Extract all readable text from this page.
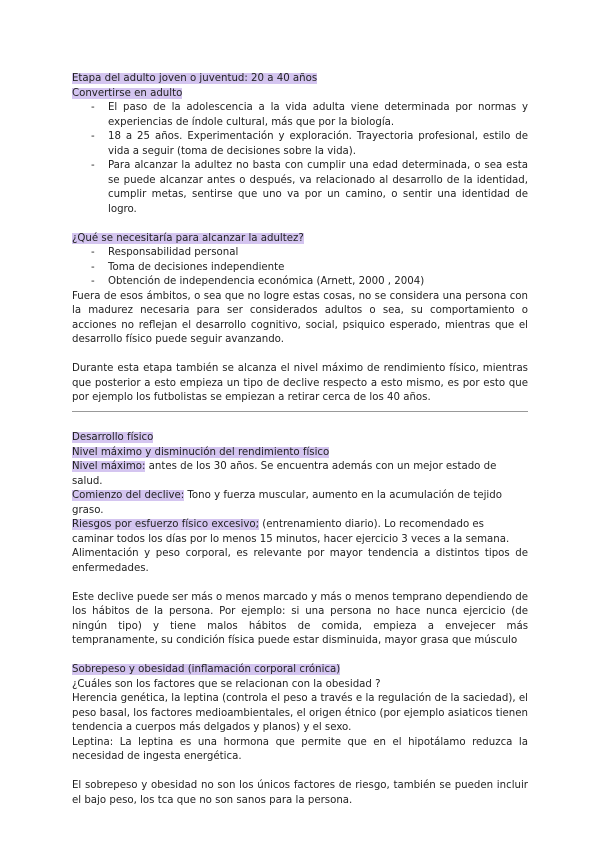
Etapa del adulto joven o juventud: 20 a 40 años
Convertirse en adulto
- El paso de la adolescencia a la vida adulta viene determinada por normas y experiencias de índole cultural, más que por la biología.
- 18 a 25 años. Experimentación y exploración. Trayectoria profesional, estilo de vida a seguir (toma de decisiones sobre la vida).
- Para alcanzar la adultez no basta con cumplir una edad determinada, o sea esta se puede alcanzar antes o después, va relacionado al desarrollo de la identidad, cumplir metas, sentirse que uno va por un camino, o sentir una identidad de logro.
¿Qué se necesitaría para alcanzar la adultez?
- Responsabilidad personal
- Toma de decisiones independiente
- Obtención de independencia económica (Arnett, 2000 , 2004)

Fuera de esos ámbitos, o sea que no logre estas cosas, no se considera una persona con la madurez necesaria para ser considerados adultos o sea, su comportamiento o acciones no reflejan el desarrollo cognitivo, social, psiquico esperado, mientras que el desarrollo físico puede seguir avanzando.

Durante esta etapa también se alcanza el nivel máximo de rendimiento físico, mientras que posterior a esto empieza un tipo de declive respecto a esto mismo, es por esto que por ejemplo los futbolistas se empiezan a retirar cerca de los 40 años.

Desarrollo físico
Nivel máximo y disminución del rendimiento físico

Nivel máximo: antes de los 30 años. Se encuentra además con un mejor estado de salud.

Comienzo del declive: Tono y fuerza muscular, aumento en la acumulación de tejido graso.

Riesgos por esfuerzo físico excesivo; (entrenamiento diario). Lo recomendado es caminar todos los días por lo menos 15 minutos, hacer ejercicio 3 veces a la semana.

Alimentación y peso corporal, es relevante por mayor tendencia a distintos tipos de enfermedades.

Este declive puede ser más o menos marcado y más o menos temprano dependiendo de los hábitos de la persona. Por ejemplo: si una persona no hace nunca ejercicio (de ningún tipo) y tiene malos hábitos de comida, empieza a envejecer más tempranamente, su condición física puede estar disminuida, mayor grasa que músculo

Sobrepeso y obesidad (inflamación corporal crónica)

¿Cuáles son los factores que se relacionan con la obesidad ?

Herencia genética, la leptina (controla el peso a través e la regulación de la saciedad), el peso basal, los factores medioambientales, el origen étnico (por ejemplo asiaticos tienen tendencia a cuerpos más delgados y planos) y el sexo.

Leptina: La leptina es una hormona que permite que en el hipotálamo reduzca la necesidad de ingesta energética.

El sobrepeso y obesidad no son los únicos factores de riesgo, también se pueden incluir el bajo peso, los tca que no son sanos para la persona.
